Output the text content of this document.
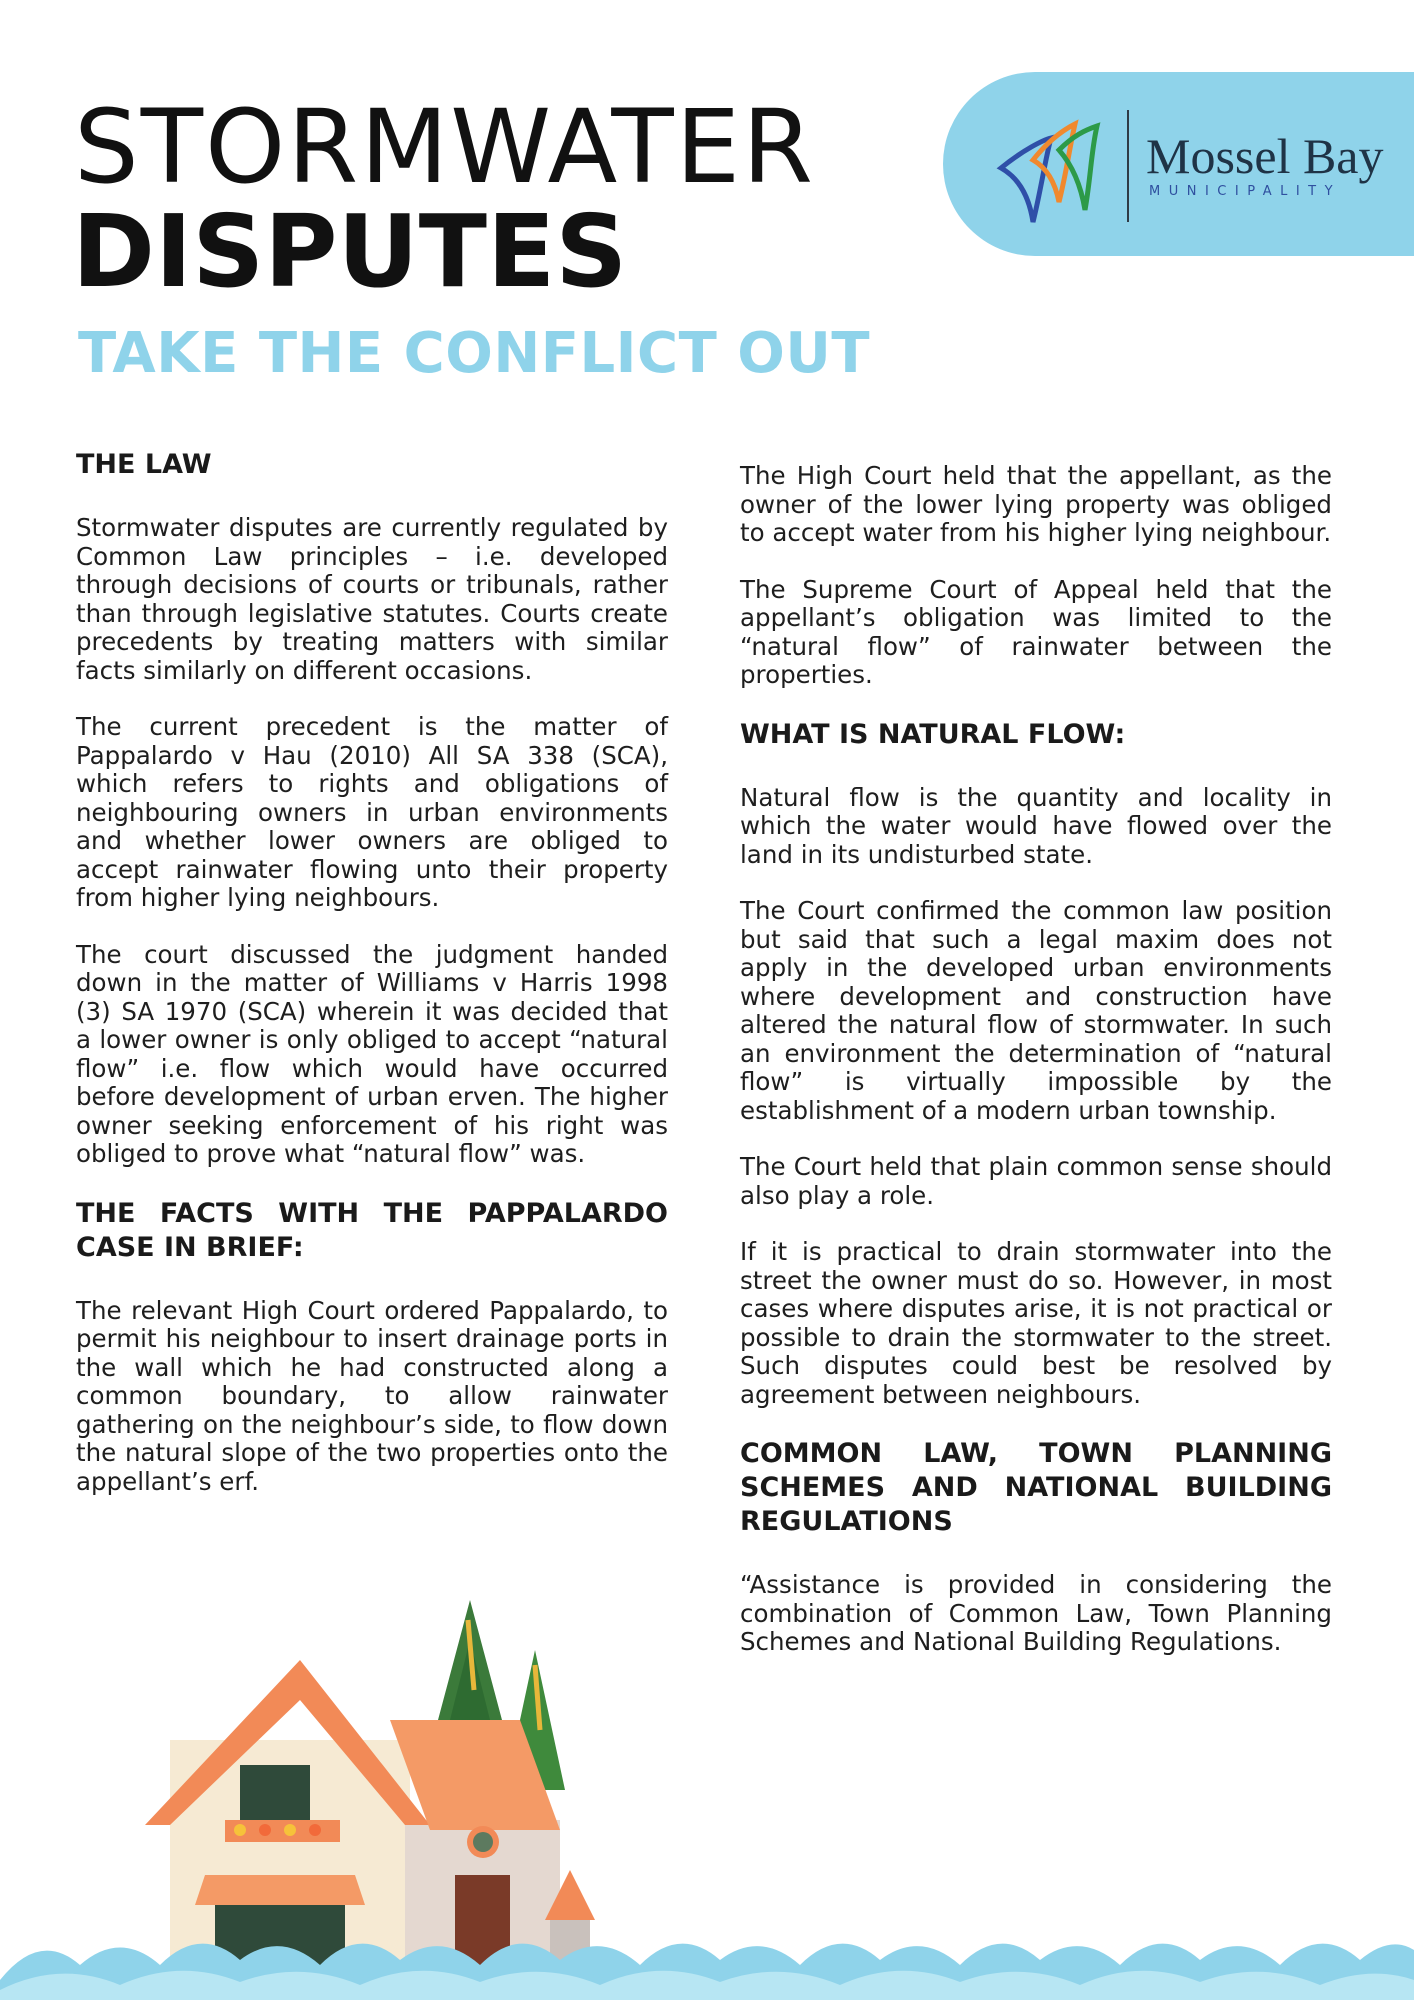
STORMWATER
DISPUTES
TAKE THE CONFLICT OUT
Mossel Bay
MUNICIPALITY
THE LAW

Stormwater disputes are currently regulated by Common Law principles – i.e. developed through decisions of courts or tribunals, rather than through legislative statutes. Courts create precedents by treating matters with similar facts similarly on different occasions.

The current precedent is the matter of Pappalardo v Hau (2010) All SA 338 (SCA), which refers to rights and obligations of neighbouring owners in urban environments and whether lower owners are obliged to accept rainwater flowing unto their property from higher lying neighbours.

The court discussed the judgment handed down in the matter of Williams v Harris 1998 (3) SA 1970 (SCA) wherein it was decided that a lower owner is only obliged to accept “natural flow” i.e. flow which would have occurred before development of urban erven. The higher owner seeking enforcement of his right was obliged to prove what “natural flow” was.

THE FACTS WITH THE PAPPALARDO CASE IN BRIEF:

The relevant High Court ordered Pappalardo, to permit his neighbour to insert drainage ports in the wall which he had constructed along a common boundary, to allow rainwater gathering on the neighbour’s side, to flow down the natural slope of the two properties onto the appellant’s erf.

The High Court held that the appellant, as the owner of the lower lying property was obliged to accept water from his higher lying neighbour.

The Supreme Court of Appeal held that the appellant’s obligation was limited to the “natural flow” of rainwater between the properties.

WHAT IS NATURAL FLOW:

Natural flow is the quantity and locality in which the water would have flowed over the land in its undisturbed state.

The Court confirmed the common law position but said that such a legal maxim does not apply in the developed urban environments where development and construction have altered the natural flow of stormwater. In such an environment the determination of “natural flow” is virtually impossible by the establishment of a modern urban township.

The Court held that plain common sense should also play a role.

If it is practical to drain stormwater into the street the owner must do so. However, in most cases where disputes arise, it is not practical or possible to drain the stormwater to the street. Such disputes could best be resolved by agreement between neighbours.

COMMON LAW, TOWN PLANNING SCHEMES AND NATIONAL BUILDING REGULATIONS

“Assistance is provided in considering the combination of Common Law, Town Planning Schemes and National Building Regulations.
